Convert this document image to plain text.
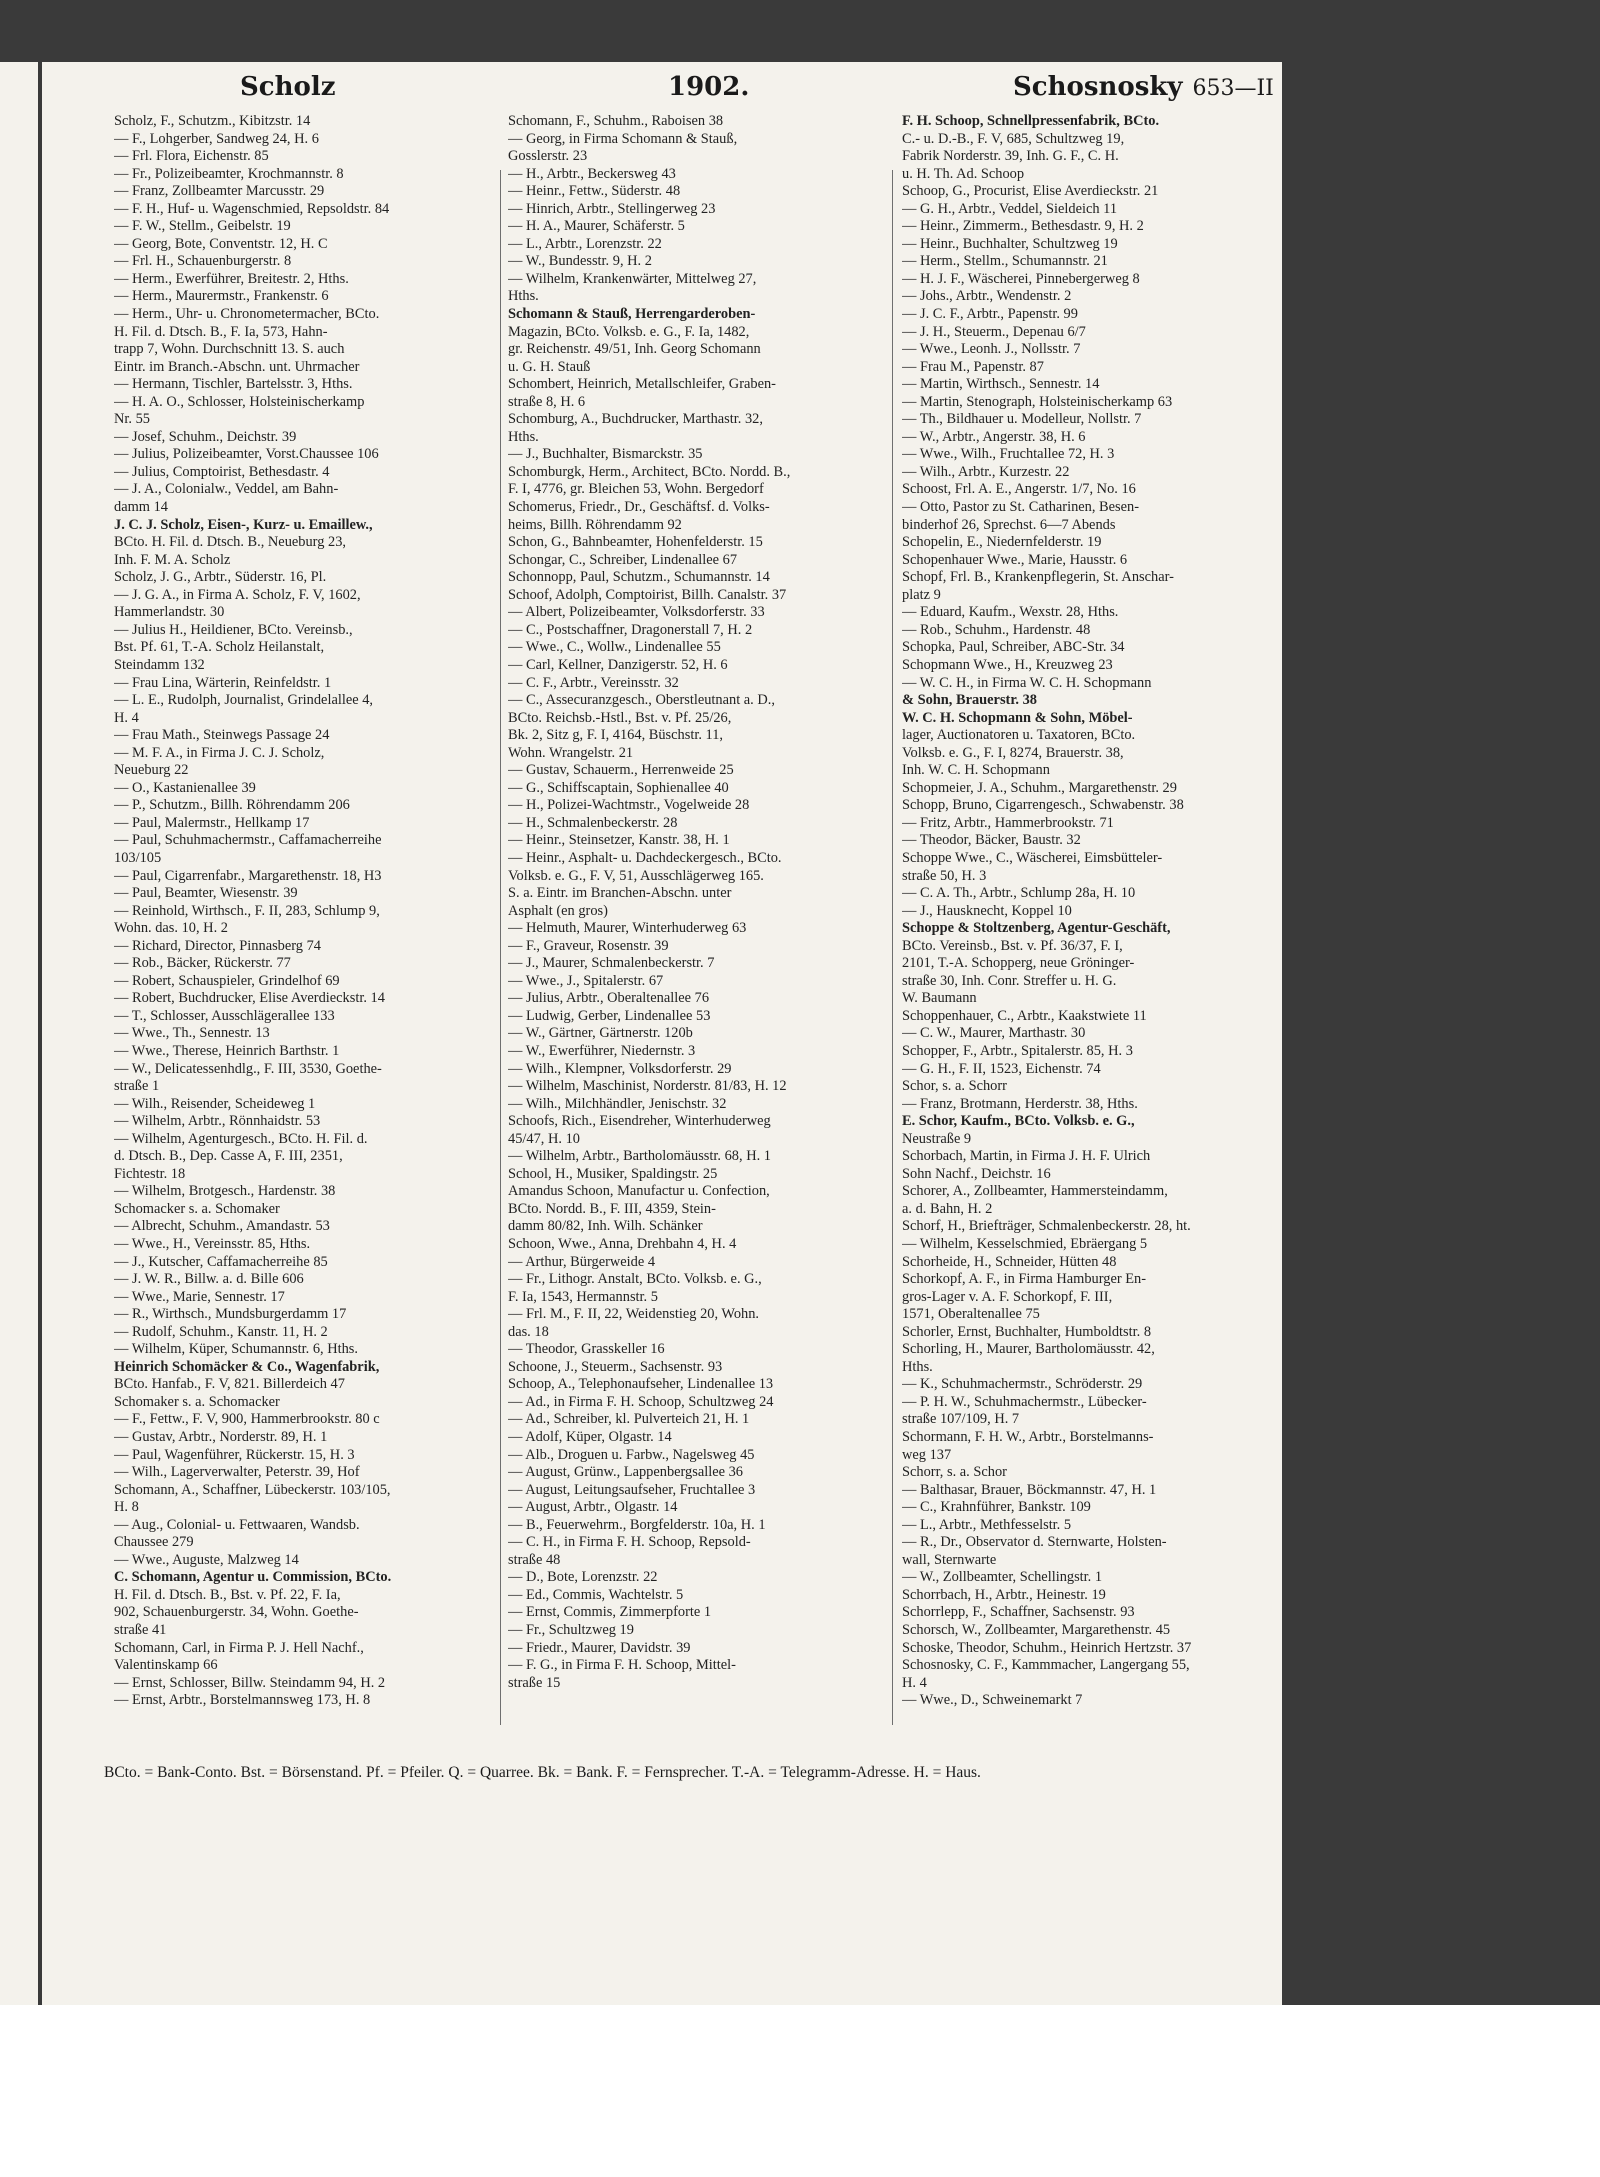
Scholz	1902.	Schosnosky 653—II
Scholz, F., Schutzm., Kibitzstr. 14
— F., Lohgerber, Sandweg 24, H. 6
— Frl. Flora, Eichenstr. 85
— Fr., Polizeibeamter, Krochmannstr. 8
— Franz, Zollbeamter Marcusstr. 29
— F. H., Huf- u. Wagenschmied, Repsoldstr. 84
— F. W., Stellm., Geibelstr. 19
— Georg, Bote, Conventstr. 12, H. C
— Frl. H., Schauenburgerstr. 8
— Herm., Ewerführer, Breitestr. 2, Hths.
— Herm., Maurermstr., Frankenstr. 6
— Herm., Uhr- u. Chronometermacher, BCto.
H. Fil. d. Dtsch. B., F. Ia, 573, Hahn-
trapp 7, Wohn. Durchschnitt 13. S. auch
Eintr. im Branch.-Abschn. unt. Uhrmacher
— Hermann, Tischler, Bartelsstr. 3, Hths.
— H. A. O., Schlosser, Holsteinischerkamp
Nr. 55
— Josef, Schuhm., Deichstr. 39
— Julius, Polizeibeamter, Vorst.Chaussee 106
— Julius, Comptoirist, Bethesdastr. 4
— J. A., Colonialw., Veddel, am Bahn-
damm 14
J. C. J. Scholz, Eisen-, Kurz- u. Emaillew.,
BCto. H. Fil. d. Dtsch. B., Neueburg 23,
Inh. F. M. A. Scholz
Scholz, J. G., Arbtr., Süderstr. 16, Pl.
— J. G. A., in Firma A. Scholz, F. V, 1602,
Hammerlandstr. 30
— Julius H., Heildiener, BCto. Vereinsb.,
Bst. Pf. 61, T.-A. Scholz Heilanstalt,
Steindamm 132
— Frau Lina, Wärterin, Reinfeldstr. 1
— L. E., Rudolph, Journalist, Grindelallee 4,
H. 4
— Frau Math., Steinwegs Passage 24
— M. F. A., in Firma J. C. J. Scholz,
Neueburg 22
— O., Kastanienallee 39
— P., Schutzm., Billh. Röhrendamm 206
— Paul, Malermstr., Hellkamp 17
— Paul, Schuhmachermstr., Caffamacherreihe
103/105
— Paul, Cigarrenfabr., Margarethenstr. 18, H3
— Paul, Beamter, Wiesenstr. 39
— Reinhold, Wirthsch., F. II, 283, Schlump 9,
Wohn. das. 10, H. 2
— Richard, Director, Pinnasberg 74
— Rob., Bäcker, Rückerstr. 77
— Robert, Schauspieler, Grindelhof 69
— Robert, Buchdrucker, Elise Averdieckstr. 14
— T., Schlosser, Ausschlägerallee 133
— Wwe., Th., Sennestr. 13
— Wwe., Therese, Heinrich Barthstr. 1
— W., Delicatessenhdlg., F. III, 3530, Goethe-
straße 1
— Wilh., Reisender, Scheideweg 1
— Wilhelm, Arbtr., Rönnhaidstr. 53
— Wilhelm, Agenturgesch., BCto. H. Fil. d.
d. Dtsch. B., Dep. Casse A, F. III, 2351,
Fichtestr. 18
— Wilhelm, Brotgesch., Hardenstr. 38
Schomacker s. a. Schomaker
— Albrecht, Schuhm., Amandastr. 53
— Wwe., H., Vereinsstr. 85, Hths.
— J., Kutscher, Caffamacherreihe 85
— J. W. R., Billw. a. d. Bille 606
— Wwe., Marie, Sennestr. 17
— R., Wirthsch., Mundsburgerdamm 17
— Rudolf, Schuhm., Kanstr. 11, H. 2
— Wilhelm, Küper, Schumannstr. 6, Hths.
Heinrich Schomäcker & Co., Wagenfabrik,
BCto. Hanfab., F. V, 821. Billerdeich 47
Schomaker s. a. Schomacker
— F., Fettw., F. V, 900, Hammerbrookstr. 80 c
— Gustav, Arbtr., Norderstr. 89, H. 1
— Paul, Wagenführer, Rückerstr. 15, H. 3
— Wilh., Lagerverwalter, Peterstr. 39, Hof
Schomann, A., Schaffner, Lübeckerstr. 103/105,
H. 8
— Aug., Colonial- u. Fettwaaren, Wandsb.
Chaussee 279
— Wwe., Auguste, Malzweg 14
C. Schomann, Agentur u. Commission, BCto.
H. Fil. d. Dtsch. B., Bst. v. Pf. 22, F. Ia,
902, Schauenburgerstr. 34, Wohn. Goethe-
straße 41
Schomann, Carl, in Firma P. J. Hell Nachf.,
Valentinskamp 66
— Ernst, Schlosser, Billw. Steindamm 94, H. 2
— Ernst, Arbtr., Borstelmannsweg 173, H. 8
Schomann, F., Schuhm., Raboisen 38
— Georg, in Firma Schomann & Stauß,
Gosslerstr. 23
— H., Arbtr., Beckersweg 43
— Heinr., Fettw., Süderstr. 48
— Hinrich, Arbtr., Stellingerweg 23
— H. A., Maurer, Schäferstr. 5
— L., Arbtr., Lorenzstr. 22
— W., Bundesstr. 9, H. 2
— Wilhelm, Krankenwärter, Mittelweg 27,
Hths.
Schomann & Stauß, Herrengarderoben-
Magazin, BCto. Volksb. e. G., F. Ia, 1482,
gr. Reichenstr. 49/51, Inh. Georg Schomann
u. G. H. Stauß
Schombert, Heinrich, Metallschleifer, Graben-
straße 8, H. 6
Schomburg, A., Buchdrucker, Marthastr. 32,
Hths.
— J., Buchhalter, Bismarckstr. 35
Schomburgk, Herm., Architect, BCto. Nordd. B.,
F. I, 4776, gr. Bleichen 53, Wohn. Bergedorf
Schomerus, Friedr., Dr., Geschäftsf. d. Volks-
heims, Billh. Röhrendamm 92
Schon, G., Bahnbeamter, Hohenfelderstr. 15
Schongar, C., Schreiber, Lindenallee 67
Schonnopp, Paul, Schutzm., Schumannstr. 14
Schoof, Adolph, Comptoirist, Billh. Canalstr. 37
— Albert, Polizeibeamter, Volksdorferstr. 33
— C., Postschaffner, Dragonerstall 7, H. 2
— Wwe., C., Wollw., Lindenallee 55
— Carl, Kellner, Danzigerstr. 52, H. 6
— C. F., Arbtr., Vereinsstr. 32
— C., Assecuranzgesch., Oberstleutnant a. D.,
BCto. Reichsb.-Hstl., Bst. v. Pf. 25/26,
Bk. 2, Sitz g, F. I, 4164, Büschstr. 11,
Wohn. Wrangelstr. 21
— Gustav, Schauerm., Herrenweide 25
— G., Schiffscaptain, Sophienallee 40
— H., Polizei-Wachtmstr., Vogelweide 28
— H., Schmalenbeckerstr. 28
— Heinr., Steinsetzer, Kanstr. 38, H. 1
— Heinr., Asphalt- u. Dachdeckergesch., BCto.
Volksb. e. G., F. V, 51, Ausschlägerweg 165.
S. a. Eintr. im Branchen-Abschn. unter
Asphalt (en gros)
— Helmuth, Maurer, Winterhuderweg 63
— F., Graveur, Rosenstr. 39
— J., Maurer, Schmalenbeckerstr. 7
— Wwe., J., Spitalerstr. 67
— Julius, Arbtr., Oberaltenallee 76
— Ludwig, Gerber, Lindenallee 53
— W., Gärtner, Gärtnerstr. 120b
— W., Ewerführer, Niedernstr. 3
— Wilh., Klempner, Volksdorferstr. 29
— Wilhelm, Maschinist, Norderstr. 81/83, H. 12
— Wilh., Milchhändler, Jenischstr. 32
Schoofs, Rich., Eisendreher, Winterhuderweg
45/47, H. 10
— Wilhelm, Arbtr., Bartholomäusstr. 68, H. 1
School, H., Musiker, Spaldingstr. 25
Amandus Schoon, Manufactur u. Confection,
BCto. Nordd. B., F. III, 4359, Stein-
damm 80/82, Inh. Wilh. Schänker
Schoon, Wwe., Anna, Drehbahn 4, H. 4
— Arthur, Bürgerweide 4
— Fr., Lithogr. Anstalt, BCto. Volksb. e. G.,
F. Ia, 1543, Hermannstr. 5
— Frl. M., F. II, 22, Weidenstieg 20, Wohn.
das. 18
— Theodor, Grasskeller 16
Schoone, J., Steuerm., Sachsenstr. 93
Schoop, A., Telephonaufseher, Lindenallee 13
— Ad., in Firma F. H. Schoop, Schultzweg 24
— Ad., Schreiber, kl. Pulverteich 21, H. 1
— Adolf, Küper, Olgastr. 14
— Alb., Droguen u. Farbw., Nagelsweg 45
— August, Grünw., Lappenbergsallee 36
— August, Leitungsaufseher, Fruchtallee 3
— August, Arbtr., Olgastr. 14
— B., Feuerwehrm., Borgfelderstr. 10a, H. 1
— C. H., in Firma F. H. Schoop, Repsold-
straße 48
— D., Bote, Lorenzstr. 22
— Ed., Commis, Wachtelstr. 5
— Ernst, Commis, Zimmerpforte 1
— Fr., Schultzweg 19
— Friedr., Maurer, Davidstr. 39
— F. G., in Firma F. H. Schoop, Mittel-
straße 15
F. H. Schoop, Schnellpressenfabrik, BCto.
C.- u. D.-B., F. V, 685, Schultzweg 19,
Fabrik Norderstr. 39, Inh. G. F., C. H.
u. H. Th. Ad. Schoop
Schoop, G., Procurist, Elise Averdieckstr. 21
— G. H., Arbtr., Veddel, Sieldeich 11
— Heinr., Zimmerm., Bethesdastr. 9, H. 2
— Heinr., Buchhalter, Schultzweg 19
— Herm., Stellm., Schumannstr. 21
— H. J. F., Wäscherei, Pinnebergerweg 8
— Johs., Arbtr., Wendenstr. 2
— J. C. F., Arbtr., Papenstr. 99
— J. H., Steuerm., Depenau 6/7
— Wwe., Leonh. J., Nollsstr. 7
— Frau M., Papenstr. 87
— Martin, Wirthsch., Sennestr. 14
— Martin, Stenograph, Holsteinischerkamp 63
— Th., Bildhauer u. Modelleur, Nollstr. 7
— W., Arbtr., Angerstr. 38, H. 6
— Wwe., Wilh., Fruchtallee 72, H. 3
— Wilh., Arbtr., Kurzestr. 22
Schoost, Frl. A. E., Angerstr. 1/7, No. 16
— Otto, Pastor zu St. Catharinen, Besen-
binderhof 26, Sprechst. 6—7 Abends
Schopelin, E., Niedernfelderstr. 19
Schopenhauer Wwe., Marie, Hausstr. 6
Schopf, Frl. B., Krankenpflegerin, St. Anschar-
platz 9
— Eduard, Kaufm., Wexstr. 28, Hths.
— Rob., Schuhm., Hardenstr. 48
Schopka, Paul, Schreiber, ABC-Str. 34
Schopmann Wwe., H., Kreuzweg 23
— W. C. H., in Firma W. C. H. Schopmann
& Sohn, Brauerstr. 38
W. C. H. Schopmann & Sohn, Möbel-
lager, Auctionatoren u. Taxatoren, BCto.
Volksb. e. G., F. I, 8274, Brauerstr. 38,
Inh. W. C. H. Schopmann
Schopmeier, J. A., Schuhm., Margarethenstr. 29
Schopp, Bruno, Cigarrengesch., Schwabenstr. 38
— Fritz, Arbtr., Hammerbrookstr. 71
— Theodor, Bäcker, Baustr. 32
Schoppe Wwe., C., Wäscherei, Eimsbütteler-
straße 50, H. 3
— C. A. Th., Arbtr., Schlump 28a, H. 10
— J., Hausknecht, Koppel 10
Schoppe & Stoltzenberg, Agentur-Geschäft,
BCto. Vereinsb., Bst. v. Pf. 36/37, F. I,
2101, T.-A. Schopperg, neue Gröninger-
straße 30, Inh. Conr. Streffer u. H. G.
W. Baumann
Schoppenhauer, C., Arbtr., Kaakstwiete 11
— C. W., Maurer, Marthastr. 30
Schopper, F., Arbtr., Spitalerstr. 85, H. 3
— G. H., F. II, 1523, Eichenstr. 74
Schor, s. a. Schorr
— Franz, Brotmann, Herderstr. 38, Hths.
E. Schor, Kaufm., BCto. Volksb. e. G.,
Neustraße 9
Schorbach, Martin, in Firma J. H. F. Ulrich
Sohn Nachf., Deichstr. 16
Schorer, A., Zollbeamter, Hammersteindamm,
a. d. Bahn, H. 2
Schorf, H., Briefträger, Schmalenbeckerstr. 28, ht.
— Wilhelm, Kesselschmied, Ebräergang 5
Schorheide, H., Schneider, Hütten 48
Schorkopf, A. F., in Firma Hamburger En-
gros-Lager v. A. F. Schorkopf, F. III,
1571, Oberaltenallee 75
Schorler, Ernst, Buchhalter, Humboldtstr. 8
Schorling, H., Maurer, Bartholomäusstr. 42,
Hths.
— K., Schuhmachermstr., Schröderstr. 29
— P. H. W., Schuhmachermstr., Lübecker-
straße 107/109, H. 7
Schormann, F. H. W., Arbtr., Borstelmanns-
weg 137
Schorr, s. a. Schor
— Balthasar, Brauer, Böckmannstr. 47, H. 1
— C., Krahnführer, Bankstr. 109
— L., Arbtr., Methfesselstr. 5
— R., Dr., Observator d. Sternwarte, Holsten-
wall, Sternwarte
— W., Zollbeamter, Schellingstr. 1
Schorrbach, H., Arbtr., Heinestr. 19
Schorrlepp, F., Schaffner, Sachsenstr. 93
Schorsch, W., Zollbeamter, Margarethenstr. 45
Schoske, Theodor, Schuhm., Heinrich Hertzstr. 37
Schosnosky, C. F., Kammmacher, Langergang 55,
H. 4
— Wwe., D., Schweinemarkt 7
BCto. = Bank-Conto. Bst. = Börsenstand. Pf. = Pfeiler. Q. = Quarree. Bk. = Bank. F. = Fernsprecher. T.-A. = Telegramm-Adresse. H. = Haus.
